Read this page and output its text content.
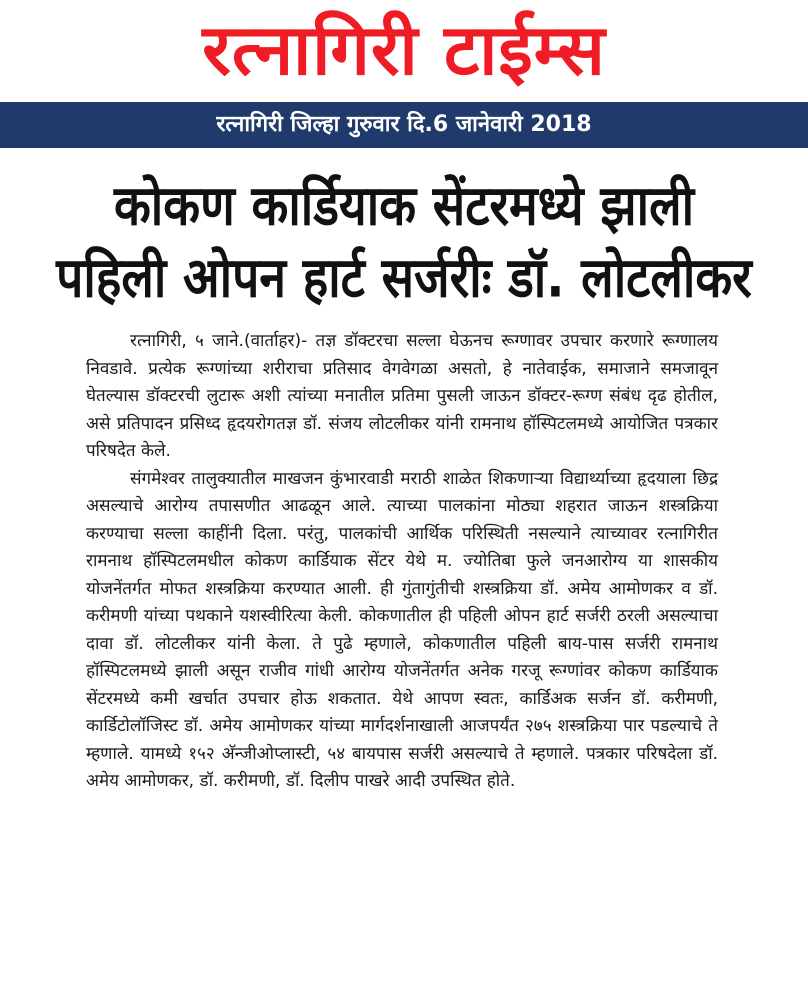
रत्नागिरी टाईम्स
रत्नागिरी जिल्हा गुरुवार दि.6 जानेवारी 2018
कोकण कार्डियाक सेंटरमध्ये झाली
पहिली ओपन हार्ट सर्जरीः डॉ. लोटलीकर

रत्नागिरी, ५ जाने.(वार्ताहर)- तज्ञ डॉक्टरचा सल्ला घेऊनच रूग्णावर उपचार करणारे रूग्णालय निवडावे. प्रत्येक रूग्णांच्या शरीराचा प्रतिसाद वेगवेगळा असतो, हे नातेवाईक, समाजाने समजावून घेतल्यास डॉक्टरची लुटारू अशी त्यांच्या मनातील प्रतिमा पुसली जाऊन डॉक्टर-रूग्ण संबंध दृढ होतील, असे प्रतिपादन प्रसिध्द हृदयरोगतज्ञ डॉ. संजय लोटलीकर यांनी रामनाथ हॉस्पिटलमध्ये आयोजित पत्रकार परिषदेत केले.

संगमेश्‍वर तालुक्यातील माखजन कुंभारवाडी मराठी शाळेत शिकणार्‍या विद्यार्थ्याच्या हृदयाला छिद्र असल्याचे आरोग्य तपासणीत आढळून आले. त्याच्या पालकांना मोठ्या शहरात जाऊन शस्त्रक्रिया करण्याचा सल्ला काहींनी दिला. परंतु, पालकांची आर्थिक परिस्थिती नसल्याने त्याच्यावर रत्नागिरीत रामनाथ हॉस्पिटलमधील कोकण कार्डियाक सेंटर येथे म. ज्योतिबा फुले जनआरोग्य या शासकीय योजनेंतर्गत मोफत शस्त्रक्रिया करण्यात आली. ही गुंतागुंतीची शस्त्रक्रिया डॉ. अमेय आमोणकर व डॉ. करीमणी यांच्या पथकाने यशस्वीरित्या केली. कोकणातील ही पहिली ओपन हार्ट सर्जरी ठरली असल्याचा दावा डॉ. लोटलीकर यांनी केला. ते पुढे म्हणाले, कोकणातील पहिली बाय-पास सर्जरी रामनाथ हॉस्पिटलमध्ये झाली असून राजीव गांधी आरोग्य योजनेंतर्गत अनेक गरजू रूग्णांवर कोकण कार्डियाक सेंटरमध्ये कमी खर्चात उपचार होऊ शकतात. येथे आपण स्वतः, कार्डिअक सर्जन डॉ. करीमणी, कार्डिटोलॉजिस्ट डॉ. अमेय आमोणकर यांच्या मार्गदर्शनाखाली आजपर्यंत २७५ शस्त्रक्रिया पार पडल्याचे ते म्हणाले. यामध्ये १५२ अ‍ॅन्जीओप्लास्टी, ५४ बायपास सर्जरी असल्याचे ते म्हणाले. पत्रकार परिषदेला डॉ. अमेय आमोणकर, डॉ. करीमणी, डॉ. दिलीप पाखरे आदी उपस्थित होते.
